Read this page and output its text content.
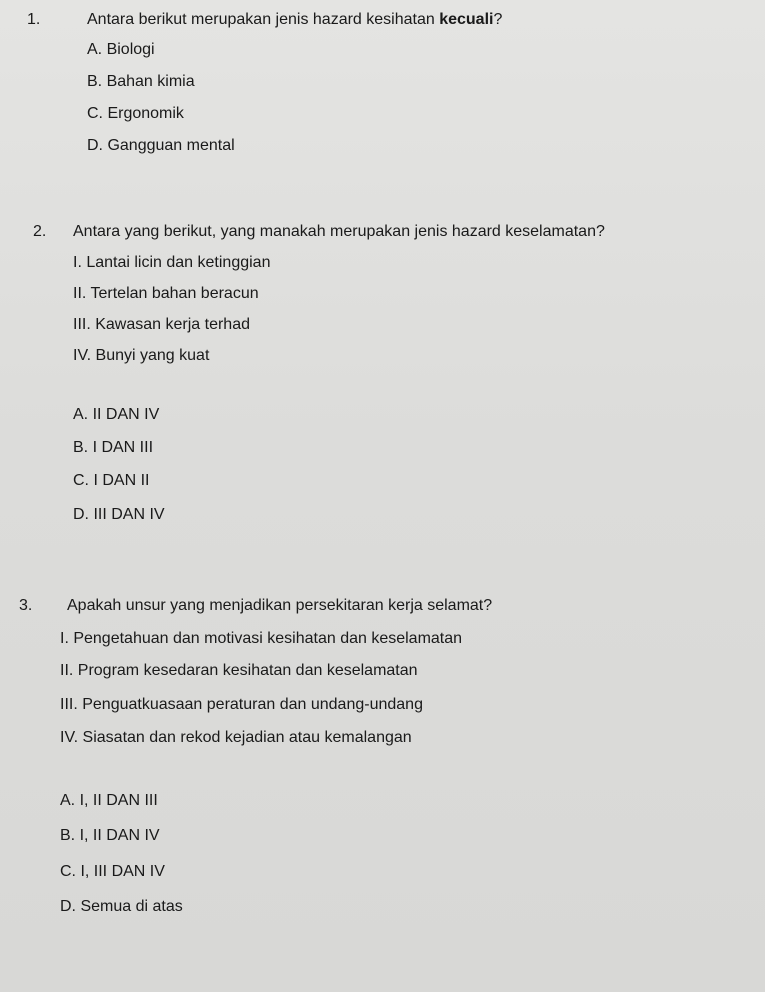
1.	Antara berikut merupakan jenis hazard kesihatan kecuali?
A. Biologi
B. Bahan kimia
C. Ergonomik
D. Gangguan mental
2. Antara yang berikut, yang manakah merupakan jenis hazard keselamatan?
I. Lantai licin dan ketinggian
II. Tertelan bahan beracun
III. Kawasan kerja terhad
IV. Bunyi yang kuat
A. II DAN IV
B. I DAN III
C. I DAN II
D. III DAN IV
3. Apakah unsur yang menjadikan persekitaran kerja selamat?
I. Pengetahuan dan motivasi kesihatan dan keselamatan
II. Program kesedaran kesihatan dan keselamatan
III. Penguatkuasaan peraturan dan undang-undang
IV. Siasatan dan rekod kejadian atau kemalangan
A. I, II DAN III
B. I, II DAN IV
C. I, III DAN IV
D. Semua di atas
